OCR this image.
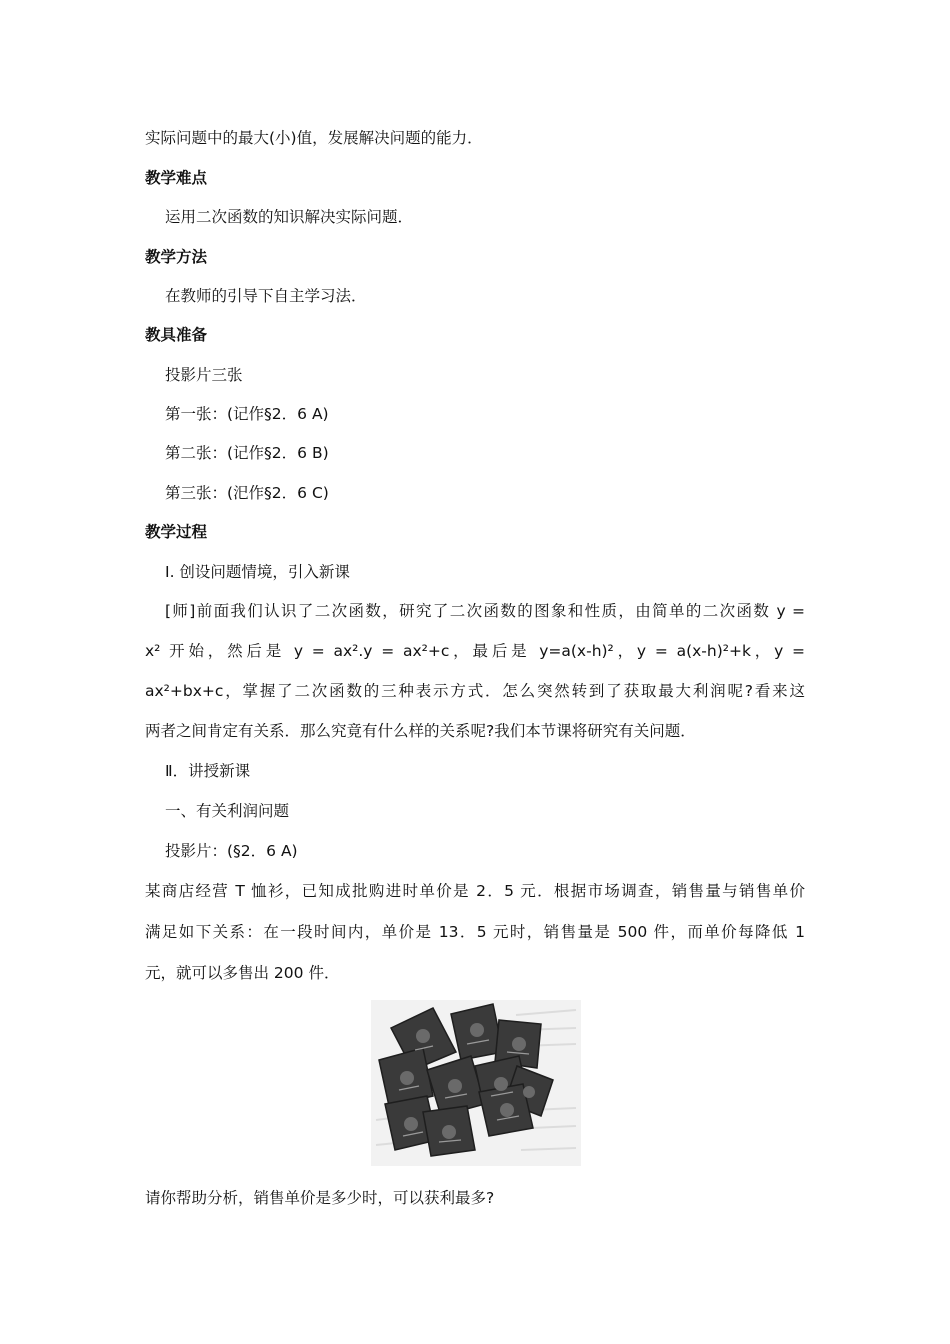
实际问题中的最大(小)值，发展解决问题的能力．
教学难点
运用二次函数的知识解决实际问题．
教学方法
在教师的引导下自主学习法．
教具准备
投影片三张
第一张：(记作§2．6 A)
第二张：(记作§2．6 B)
第三张：(汜作§2．6 C)
教学过程
Ⅰ. 创设问题情境，引入新课
[师]前面我们认识了二次函数，研究了二次函数的图象和性质，由简单的二次函数 y =
x² 开始，然后是 y = ax².y = ax²+c，最后是 y=a(x-h)²，y = a(x-h)²+k，y =
ax²+bx+c，掌握了二次函数的三种表示方式．怎么突然转到了获取最大利润呢?看来这
两者之间肯定有关系．那么究竟有什么样的关系呢?我们本节课将研究有关问题．
Ⅱ．讲授新课
一、有关利润问题
投影片：(§2．6 A)
某商店经营 T 恤衫，已知成批购进时单价是 2．5 元．根据市场调查，销售量与销售单价
满足如下关系：在一段时间内，单价是 13．5 元时，销售量是 500 件，而单价每降低 1
元，就可以多售出 200 件．
请你帮助分析，销售单价是多少时，可以获利最多?
